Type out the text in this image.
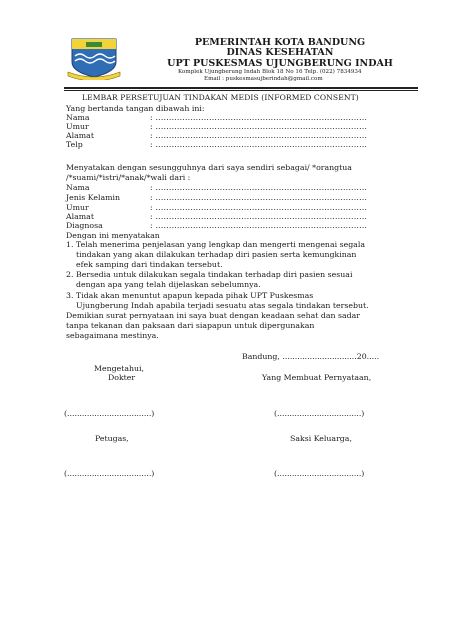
PEMERINTAH KOTA BANDUNG
DINAS KESEHATAN
UPT PUSKESMAS UJUNGBERUNG INDAH
Komplek Ujungberung Indah Blok 18 No 16 Telp. (022) 7834934
Email : puskesmasujberindah@gmail.com
LEMBAR PERSETUJUAN TINDAKAN MEDIS (INFORMED CONSENT)
Yang bertanda tangan dibawah ini:
Nama	: ...............................................................................
Umur	: ...............................................................................
Alamat	: ...............................................................................
Telp	: ...............................................................................
Menyatakan dengan sesungguhnya dari saya sendiri sebagai/ *orangtua
/*suami/*istri/*anak/*wali dari :
Nama	: ...............................................................................
Jenis Kelamin	: ...............................................................................
Umur	: ...............................................................................
Alamat	: ...............................................................................
Diagnosa	: ...............................................................................
Dengan ini menyatakan
1. Telah menerima penjelasan yang lengkap dan mengerti mengenai segala
tindakan yang akan dilakukan terhadap diri pasien serta kemungkinan
efek samping dari tindakan tersebut.
2. Bersedia untuk dilakukan segala tindakan terhadap diri pasien sesuai
dengan apa yang telah dijelaskan sebelumnya.
3. Tidak akan menuntut apapun kepada pihak UPT Puskesmas
Ujungberung Indah apabila terjadi sesuatu atas segala tindakan tersebut.
Demikian surat pernyataan ini saya buat dengan keadaan sehat dan sadar
tanpa tekanan dan paksaan dari siapapun untuk dipergunakan
sebagaimana mestinya.
Bandung, ..............................20.....
Mengetahui,
Dokter	Yang Membuat Pernyataan,
(..................................)	(..................................)
Petugas,	Saksi Keluarga,
(..................................)	(..................................)
